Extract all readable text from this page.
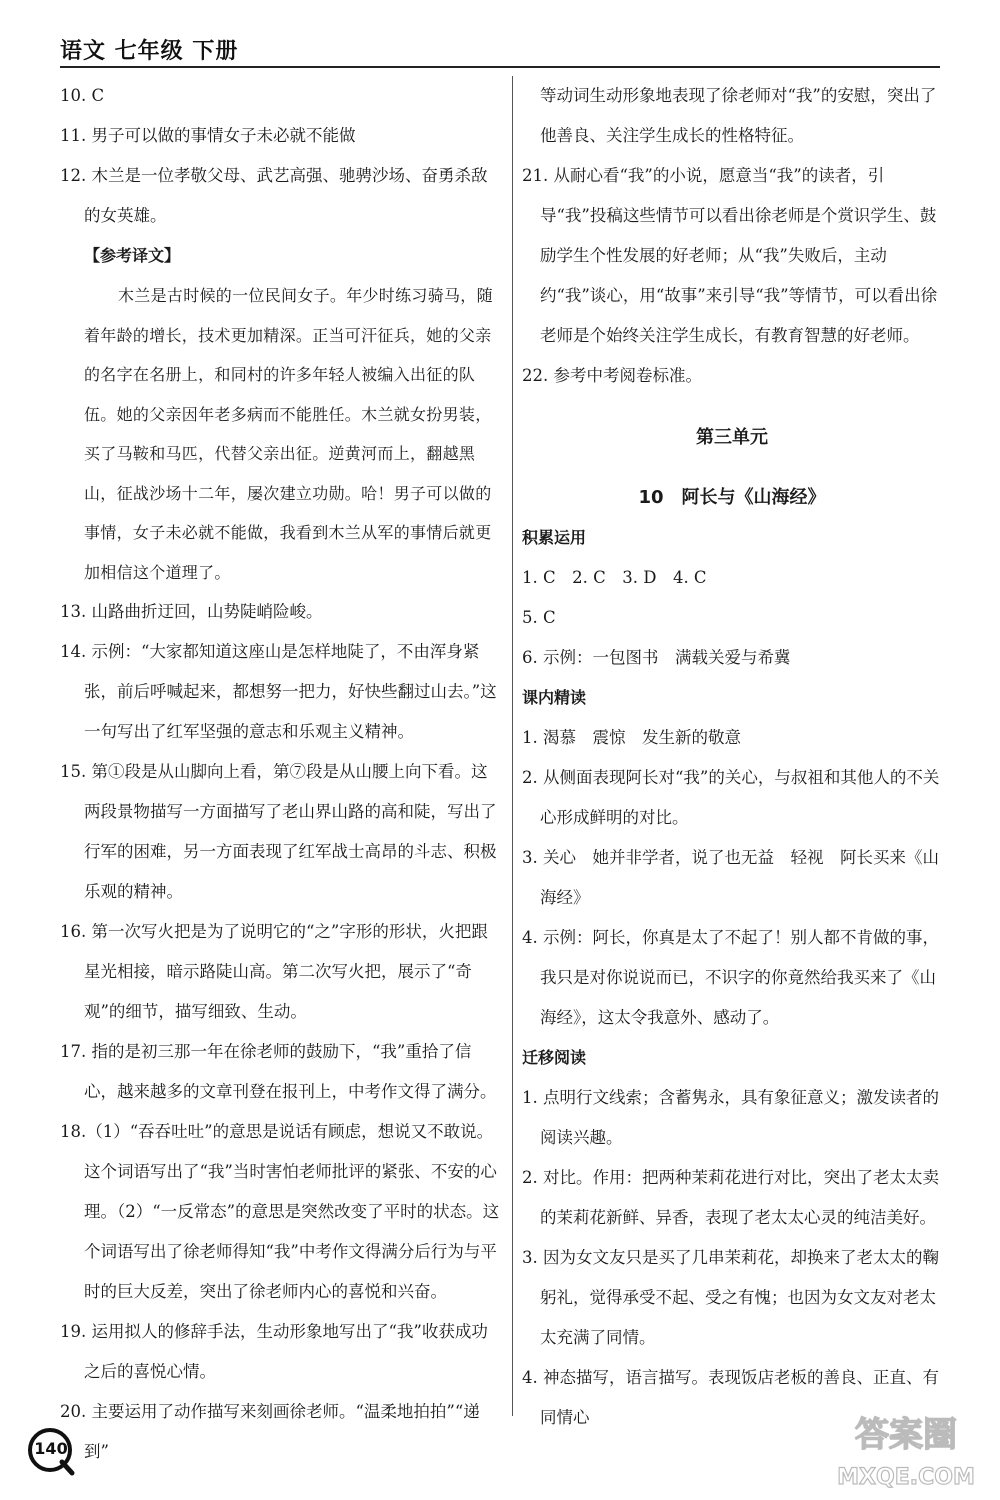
语文 七年级 下册

10. C

11. 男子可以做的事情女子未必就不能做

12. 木兰是一位孝敬父母、武艺高强、驰骋沙场、奋勇杀敌的女英雄。

【参考译文】

木兰是古时候的一位民间女子。年少时练习骑马，随着年龄的增长，技术更加精深。正当可汗征兵，她的父亲的名字在名册上，和同村的许多年轻人被编入出征的队伍。她的父亲因年老多病而不能胜任。木兰就女扮男装，买了马鞍和马匹，代替父亲出征。逆黄河而上，翻越黑山，征战沙场十二年，屡次建立功勋。哈！男子可以做的事情，女子未必就不能做，我看到木兰从军的事情后就更加相信这个道理了。

13. 山路曲折迂回，山势陡峭险峻。

14. 示例：“大家都知道这座山是怎样地陡了，不由浑身紧张，前后呼喊起来，都想努一把力，好快些翻过山去。”这一句写出了红军坚强的意志和乐观主义精神。

15. 第①段是从山脚向上看，第⑦段是从山腰上向下看。这两段景物描写一方面描写了老山界山路的高和陡，写出了行军的困难，另一方面表现了红军战士高昂的斗志、积极乐观的精神。

16. 第一次写火把是为了说明它的“之”字形的形状，火把跟星光相接，暗示路陡山高。第二次写火把，展示了“奇观”的细节，描写细致、生动。

17. 指的是初三那一年在徐老师的鼓励下，“我”重拾了信心，越来越多的文章刊登在报刊上，中考作文得了满分。

18.（1）“吞吞吐吐”的意思是说话有顾虑，想说又不敢说。这个词语写出了“我”当时害怕老师批评的紧张、不安的心理。（2）“一反常态”的意思是突然改变了平时的状态。这个词语写出了徐老师得知“我”中考作文得满分后行为与平时的巨大反差，突出了徐老师内心的喜悦和兴奋。

19. 运用拟人的修辞手法，生动形象地写出了“我”收获成功之后的喜悦心情。

20. 主要运用了动作描写来刻画徐老师。“温柔地拍拍”“递到”

等动词生动形象地表现了徐老师对“我”的安慰，突出了他善良、关注学生成长的性格特征。

21. 从耐心看“我”的小说，愿意当“我”的读者，引导“我”投稿这些情节可以看出徐老师是个赏识学生、鼓励学生个性发展的好老师；从“我”失败后，主动约“我”谈心，用“故事”来引导“我”等情节，可以看出徐老师是个始终关注学生成长，有教育智慧的好老师。

22. 参考中考阅卷标准。

第三单元

10　阿长与《山海经》

积累运用

1. C　2. C　3. D　4. C

5. C

6. 示例：一包图书　满载关爱与希冀

课内精读

1. 渴慕　震惊　发生新的敬意

2. 从侧面表现阿长对“我”的关心，与叔祖和其他人的不关心形成鲜明的对比。

3. 关心　她并非学者，说了也无益　轻视　阿长买来《山海经》

4. 示例：阿长，你真是太了不起了！别人都不肯做的事，我只是对你说说而已，不识字的你竟然给我买来了《山海经》，这太令我意外、感动了。

迁移阅读

1. 点明行文线索；含蓄隽永，具有象征意义；激发读者的阅读兴趣。

2. 对比。作用：把两种茉莉花进行对比，突出了老太太卖的茉莉花新鲜、异香，表现了老太太心灵的纯洁美好。

3. 因为女文友只是买了几串茉莉花，却换来了老太太的鞠躬礼，觉得承受不起、受之有愧；也因为女文友对老太太充满了同情。

4. 神态描写，语言描写。表现饭店老板的善良、正直、有同情心

140	答案圈
MXQE.COM
